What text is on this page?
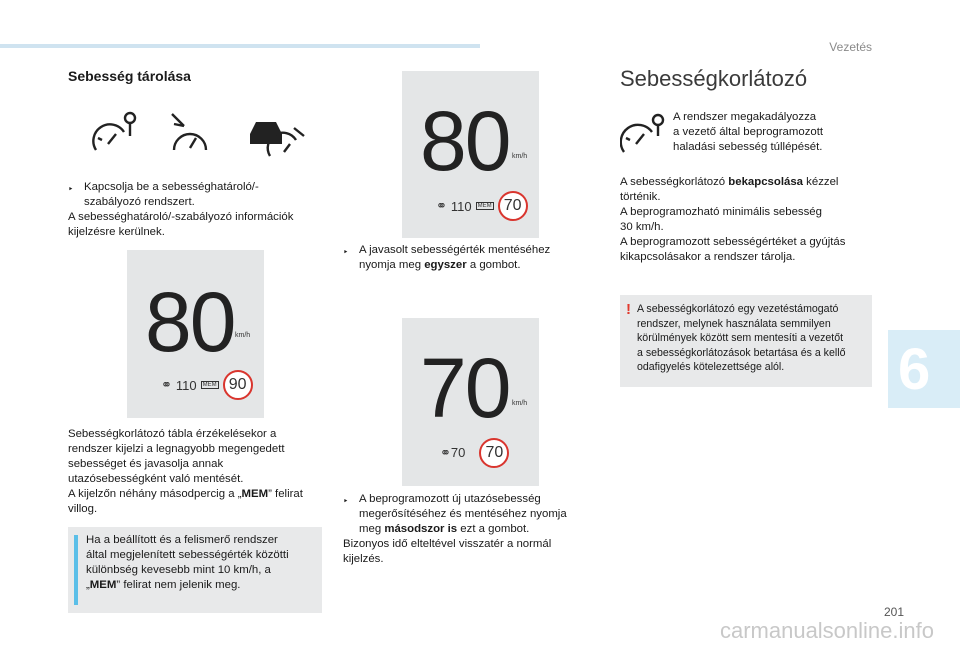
Vezetés
Sebesség tárolása
‣ Kapcsolja be a sebességhatároló/-
szabályozó rendszert.
A sebességhatároló/-szabályozó információk
kijelzésre kerülnek.
80 km/h
⚭ 110	MEM 90
Sebességkorlátozó tábla érzékelésekor a
rendszer kijelzi a legnagyobb megengedett
sebességet és javasolja annak
utazósebességként való mentését.
A kijelzőn néhány másodpercig a „MEM” felirat
villog.
Ha a beállított és a felismerő rendszer
által megjelenített sebességérték közötti
különbség kevesebb mint 10 km/h, a
„MEM” felirat nem jelenik meg.
80 km/h
⚭ 110	MEM 70
‣ A javasolt sebességérték mentéséhez
nyomja meg egyszer a gombot.
70 km/h
⚭70	70
‣ A beprogramozott új utazósebesség
megerősítéséhez és mentéséhez nyomja
meg másodszor is ezt a gombot.
Bizonyos idő elteltével visszatér a normál
kijelzés.
Sebességkorlátozó
A rendszer megakadályozza
a vezető által beprogramozott
haladási sebesség túllépését.
A sebességkorlátozó bekapcsolása kézzel
történik.
A beprogramozható minimális sebesség
30 km/h.
A beprogramozott sebességértéket a gyújtás
kikapcsolásakor a rendszer tárolja.
! A sebességkorlátozó egy vezetéstámogató
rendszer, melynek használata semmilyen
körülmények között sem mentesíti a vezetőt
a sebességkorlátozások betartása és a kellő
odafigyelés kötelezettsége alól.	6
201
carmanualsonline.info
